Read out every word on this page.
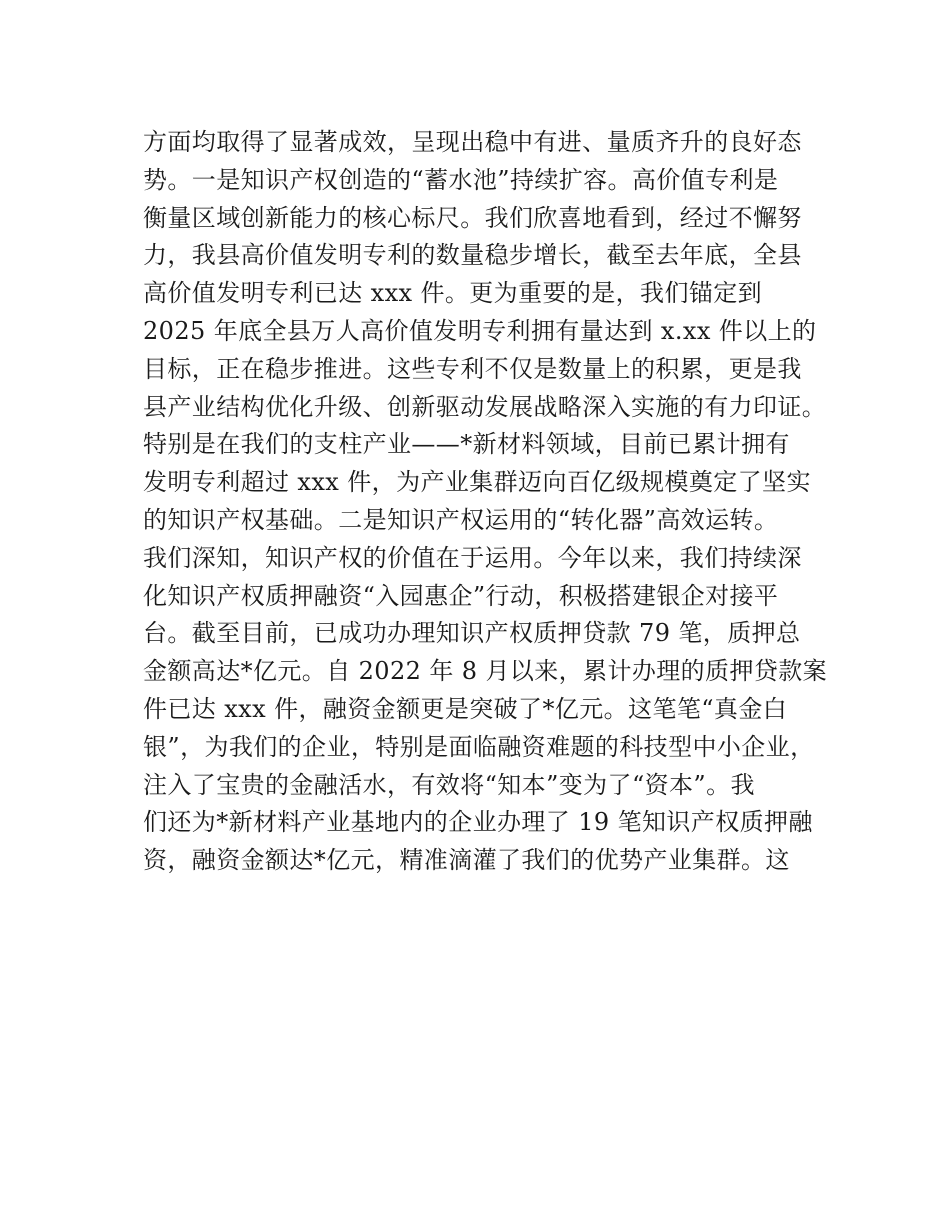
方面均取得了显著成效，呈现出稳中有进、量质齐升的良好态
势。一是知识产权创造的“蓄水池”持续扩容。高价值专利是
衡量区域创新能力的核心标尺。我们欣喜地看到，经过不懈努
力，我县高价值发明专利的数量稳步增长，截至去年底，全县
高价值发明专利已达 xxx 件。更为重要的是，我们锚定到
2025 年底全县万人高价值发明专利拥有量达到 x.xx 件以上的
目标，正在稳步推进。这些专利不仅是数量上的积累，更是我
县产业结构优化升级、创新驱动发展战略深入实施的有力印证。
特别是在我们的支柱产业——*新材料领域，目前已累计拥有
发明专利超过 xxx 件，为产业集群迈向百亿级规模奠定了坚实
的知识产权基础。二是知识产权运用的“转化器”高效运转。
我们深知，知识产权的价值在于运用。今年以来，我们持续深
化知识产权质押融资“入园惠企”行动，积极搭建银企对接平
台。截至目前，已成功办理知识产权质押贷款 79 笔，质押总
金额高达*亿元。自 2022 年 8 月以来，累计办理的质押贷款案
件已达 xxx 件，融资金额更是突破了*亿元。这笔笔“真金白
银”，为我们的企业，特别是面临融资难题的科技型中小企业，
注入了宝贵的金融活水，有效将“知本”变为了“资本”。我
们还为*新材料产业基地内的企业办理了 19 笔知识产权质押融
资，融资金额达*亿元，精准滴灌了我们的优势产业集群。这
